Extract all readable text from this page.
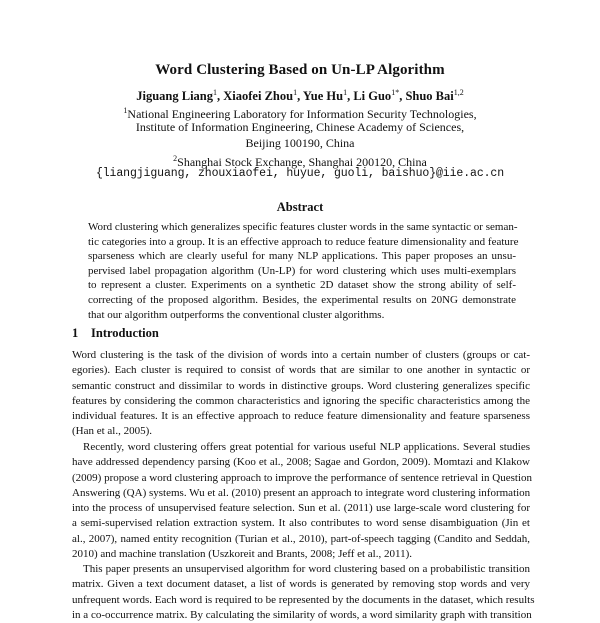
Word Clustering Based on Un-LP Algorithm
Jiguang Liang$^1$, Xiaofei Zhou$^1$, Yue Hu$^1$, Li Guo$^{1*}$, Shuo Bai$^{1,2}$
$^1$National Engineering Laboratory for Information Security Technologies,
Institute of Information Engineering, Chinese Academy of Sciences,
Beijing 100190, China
$^2$Shanghai Stock Exchange, Shanghai 200120, China
{liangjiguang, zhouxiaofei, huyue, guoli, baishuo}@iie.ac.cn
Abstract
Word clustering which generalizes specific features cluster words in the same syntactic or seman-
tic categories into a group. It is an effective approach to reduce feature dimensionality and feature
sparseness which are clearly useful for many NLP applications. This paper proposes an unsu-
pervised label propagation algorithm (Un-LP) for word clustering which uses multi-exemplars
to represent a cluster. Experiments on a synthetic 2D dataset show the strong ability of self-
correcting of the proposed algorithm. Besides, the experimental results on 20NG demonstrate
that our algorithm outperforms the conventional cluster algorithms.
1 Introduction
Word clustering is the task of the division of words into a certain number of clusters (groups or cat-
egories). Each cluster is required to consist of words that are similar to one another in syntactic or
semantic construct and dissimilar to words in distinctive groups. Word clustering generalizes specific
features by considering the common characteristics and ignoring the specific characteristics among the
individual features. It is an effective approach to reduce feature dimensionality and feature sparseness
(Han et al., 2005).
Recently, word clustering offers great potential for various useful NLP applications. Several studies
have addressed dependency parsing (Koo et al., 2008; Sagae and Gordon, 2009). Momtazi and Klakow
(2009) propose a word clustering approach to improve the performance of sentence retrieval in Question
Answering (QA) systems. Wu et al. (2010) present an approach to integrate word clustering information
into the process of unsupervised feature selection. Sun et al. (2011) use large-scale word clustering for
a semi-supervised relation extraction system. It also contributes to word sense disambiguation (Jin et
al., 2007), named entity recognition (Turian et al., 2010), part-of-speech tagging (Candito and Seddah,
2010) and machine translation (Uszkoreit and Brants, 2008; Jeff et al., 2011).
This paper presents an unsupervised algorithm for word clustering based on a probabilistic transition
matrix. Given a text document dataset, a list of words is generated by removing stop words and very
unfrequent words. Each word is required to be represented by the documents in the dataset, which results
in a co-occurrence matrix. By calculating the similarity of words, a word similarity graph with transition
